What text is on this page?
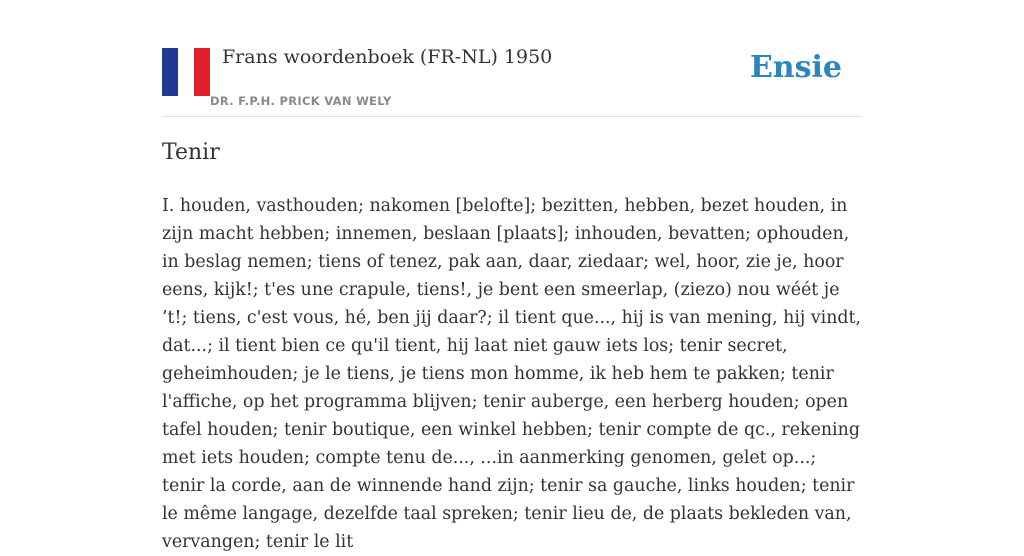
Frans woordenboek (FR-NL) 1950
DR. F.P.H. PRICK VAN WELY
Ensie
Tenir

I. houden, vasthouden; nakomen [belofte]; bezitten, hebben, bezet houden, in zijn macht hebben; innemen, beslaan [plaats]; inhouden, bevatten; ophouden, in beslag nemen; tiens of tenez, pak aan, daar, ziedaar; wel, hoor, zie je, hoor eens, kijk!; t'es une crapule, tiens!, je bent een smeerlap, (ziezo) nou wéét je ’t!; tiens, c'est vous, hé, ben jij daar?; il tient que..., hij is van mening, hij vindt, dat...; il tient bien ce qu'il tient, hij laat niet gauw iets los; tenir secret, geheimhouden; je le tiens, je tiens mon homme, ik heb hem te pakken; tenir l'affiche, op het programma blijven; tenir auberge, een herberg houden; open tafel houden; tenir boutique, een winkel hebben; tenir compte de qc., rekening met iets houden; compte tenu de..., ...in aanmerking genomen, gelet op...; tenir la corde, aan de winnende hand zijn; tenir sa gauche, links houden; tenir le même langage, dezelfde taal spreken; tenir lieu de, de plaats bekleden van, vervangen; tenir le lit
